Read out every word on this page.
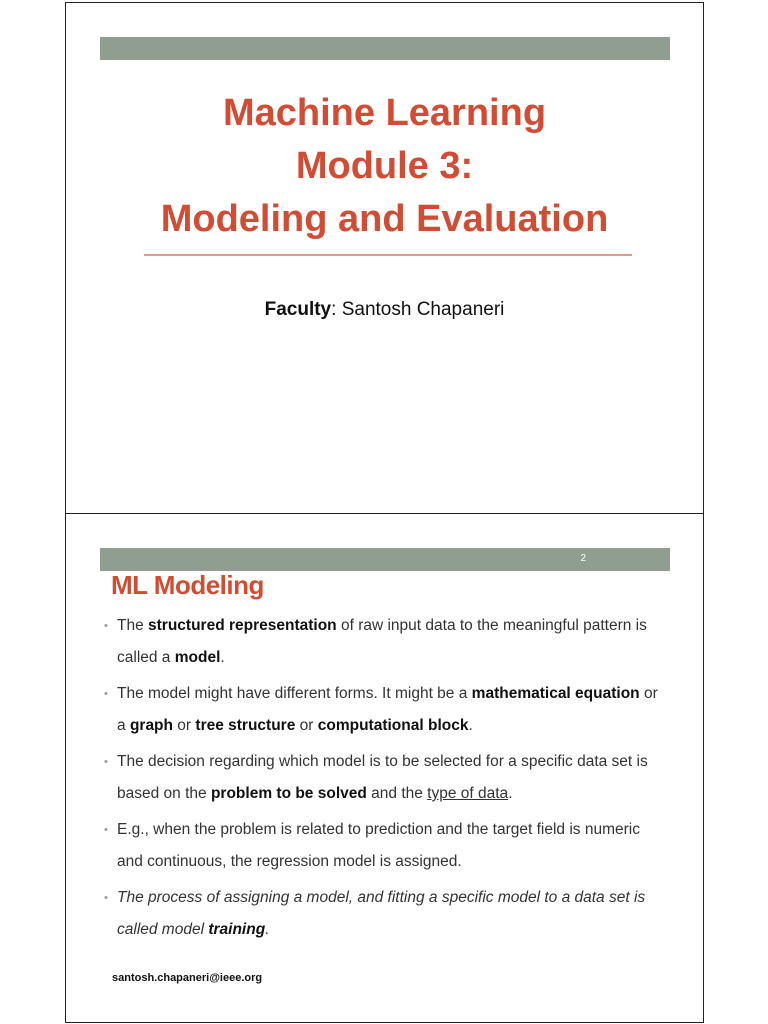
Machine Learning
Module 3:
Modeling and Evaluation
Faculty: Santosh Chapaneri
2
ML Modeling
• The structured representation of raw input data to the meaningful pattern is called a model.
• The model might have different forms. It might be a mathematical equation or a graph or tree structure or computational block.
• The decision regarding which model is to be selected for a specific data set is based on the problem to be solved and the type of data.
• E.g., when the problem is related to prediction and the target field is numeric and continuous, the regression model is assigned.
• The process of assigning a model, and fitting a specific model to a data set is called model training.
santosh.chapaneri@ieee.org
